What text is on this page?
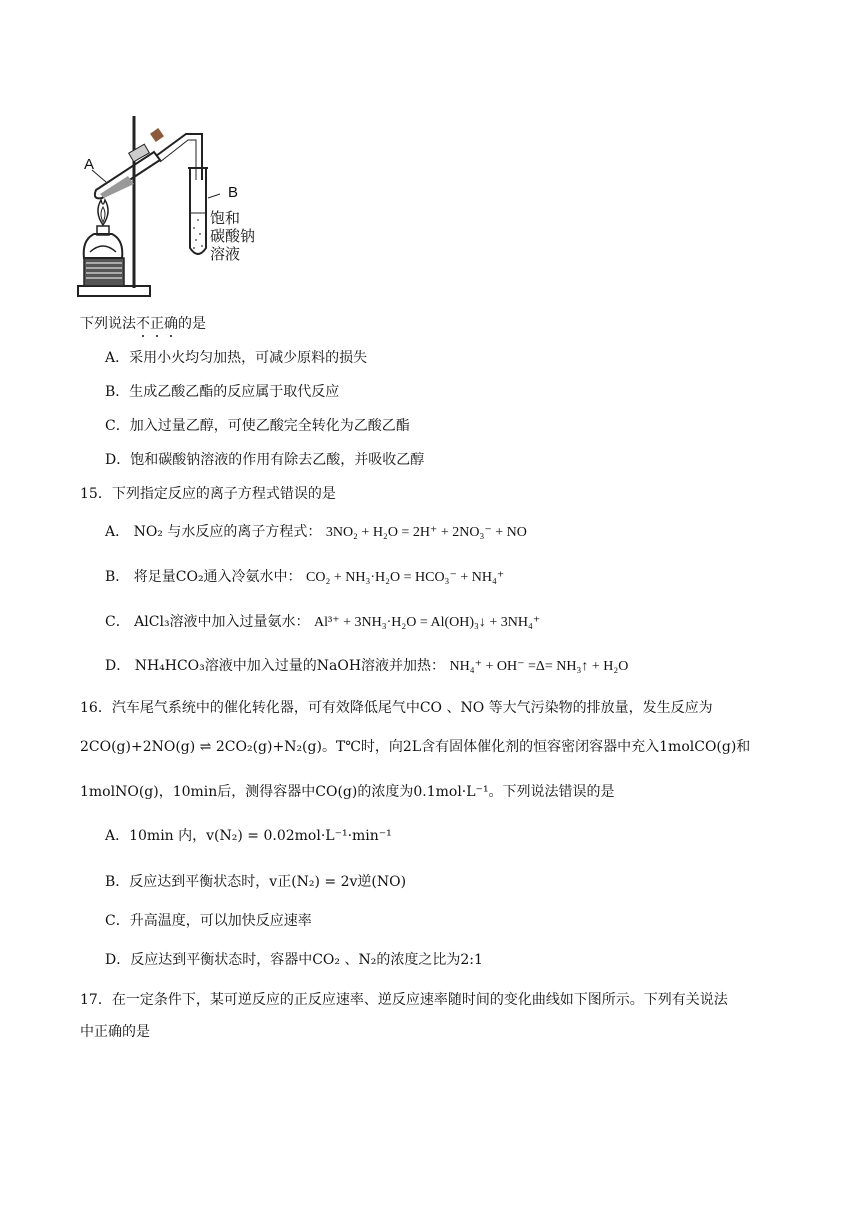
A
B
饱和
碳酸钠
溶液
下列说法不正确的是
A．采用小火均匀加热，可减少原料的损失
B．生成乙酸乙酯的反应属于取代反应
C．加入过量乙醇，可使乙酸完全转化为乙酸乙酯
D．饱和碳酸钠溶液的作用有除去乙酸，并吸收乙醇
15．下列指定反应的离子方程式错误的是
A． NO₂ 与水反应的离子方程式： 3NO₂ + H₂O = 2H⁺ + 2NO₃⁻ + NO
B． 将足量CO₂通入冷氨水中： CO₂ + NH₃·H₂O = HCO₃⁻ + NH₄⁺
C． AlCl₃溶液中加入过量氨水： Al³⁺ + 3NH₃·H₂O = Al(OH)₃↓ + 3NH₄⁺
D． NH₄HCO₃溶液中加入过量的NaOH溶液并加热： NH₄⁺ + OH⁻ =Δ= NH₃↑ + H₂O
16．汽车尾气系统中的催化转化器，可有效降低尾气中CO 、NO 等大气污染物的排放量，发生反应为
2CO(g)+2NO(g) ⇌ 2CO₂(g)+N₂(g)。T℃时，向2L含有固体催化剂的恒容密闭容器中充入1molCO(g)和
1molNO(g)，10min后，测得容器中CO(g)的浓度为0.1mol·L⁻¹。下列说法错误的是
A．10min 内，v(N₂) = 0.02mol·L⁻¹·min⁻¹
B．反应达到平衡状态时，v正(N₂) = 2v逆(NO)
C．升高温度，可以加快反应速率
D．反应达到平衡状态时，容器中CO₂ 、N₂的浓度之比为2:1
17．在一定条件下，某可逆反应的正反应速率、逆反应速率随时间的变化曲线如下图所示。下列有关说法
中正确的是
